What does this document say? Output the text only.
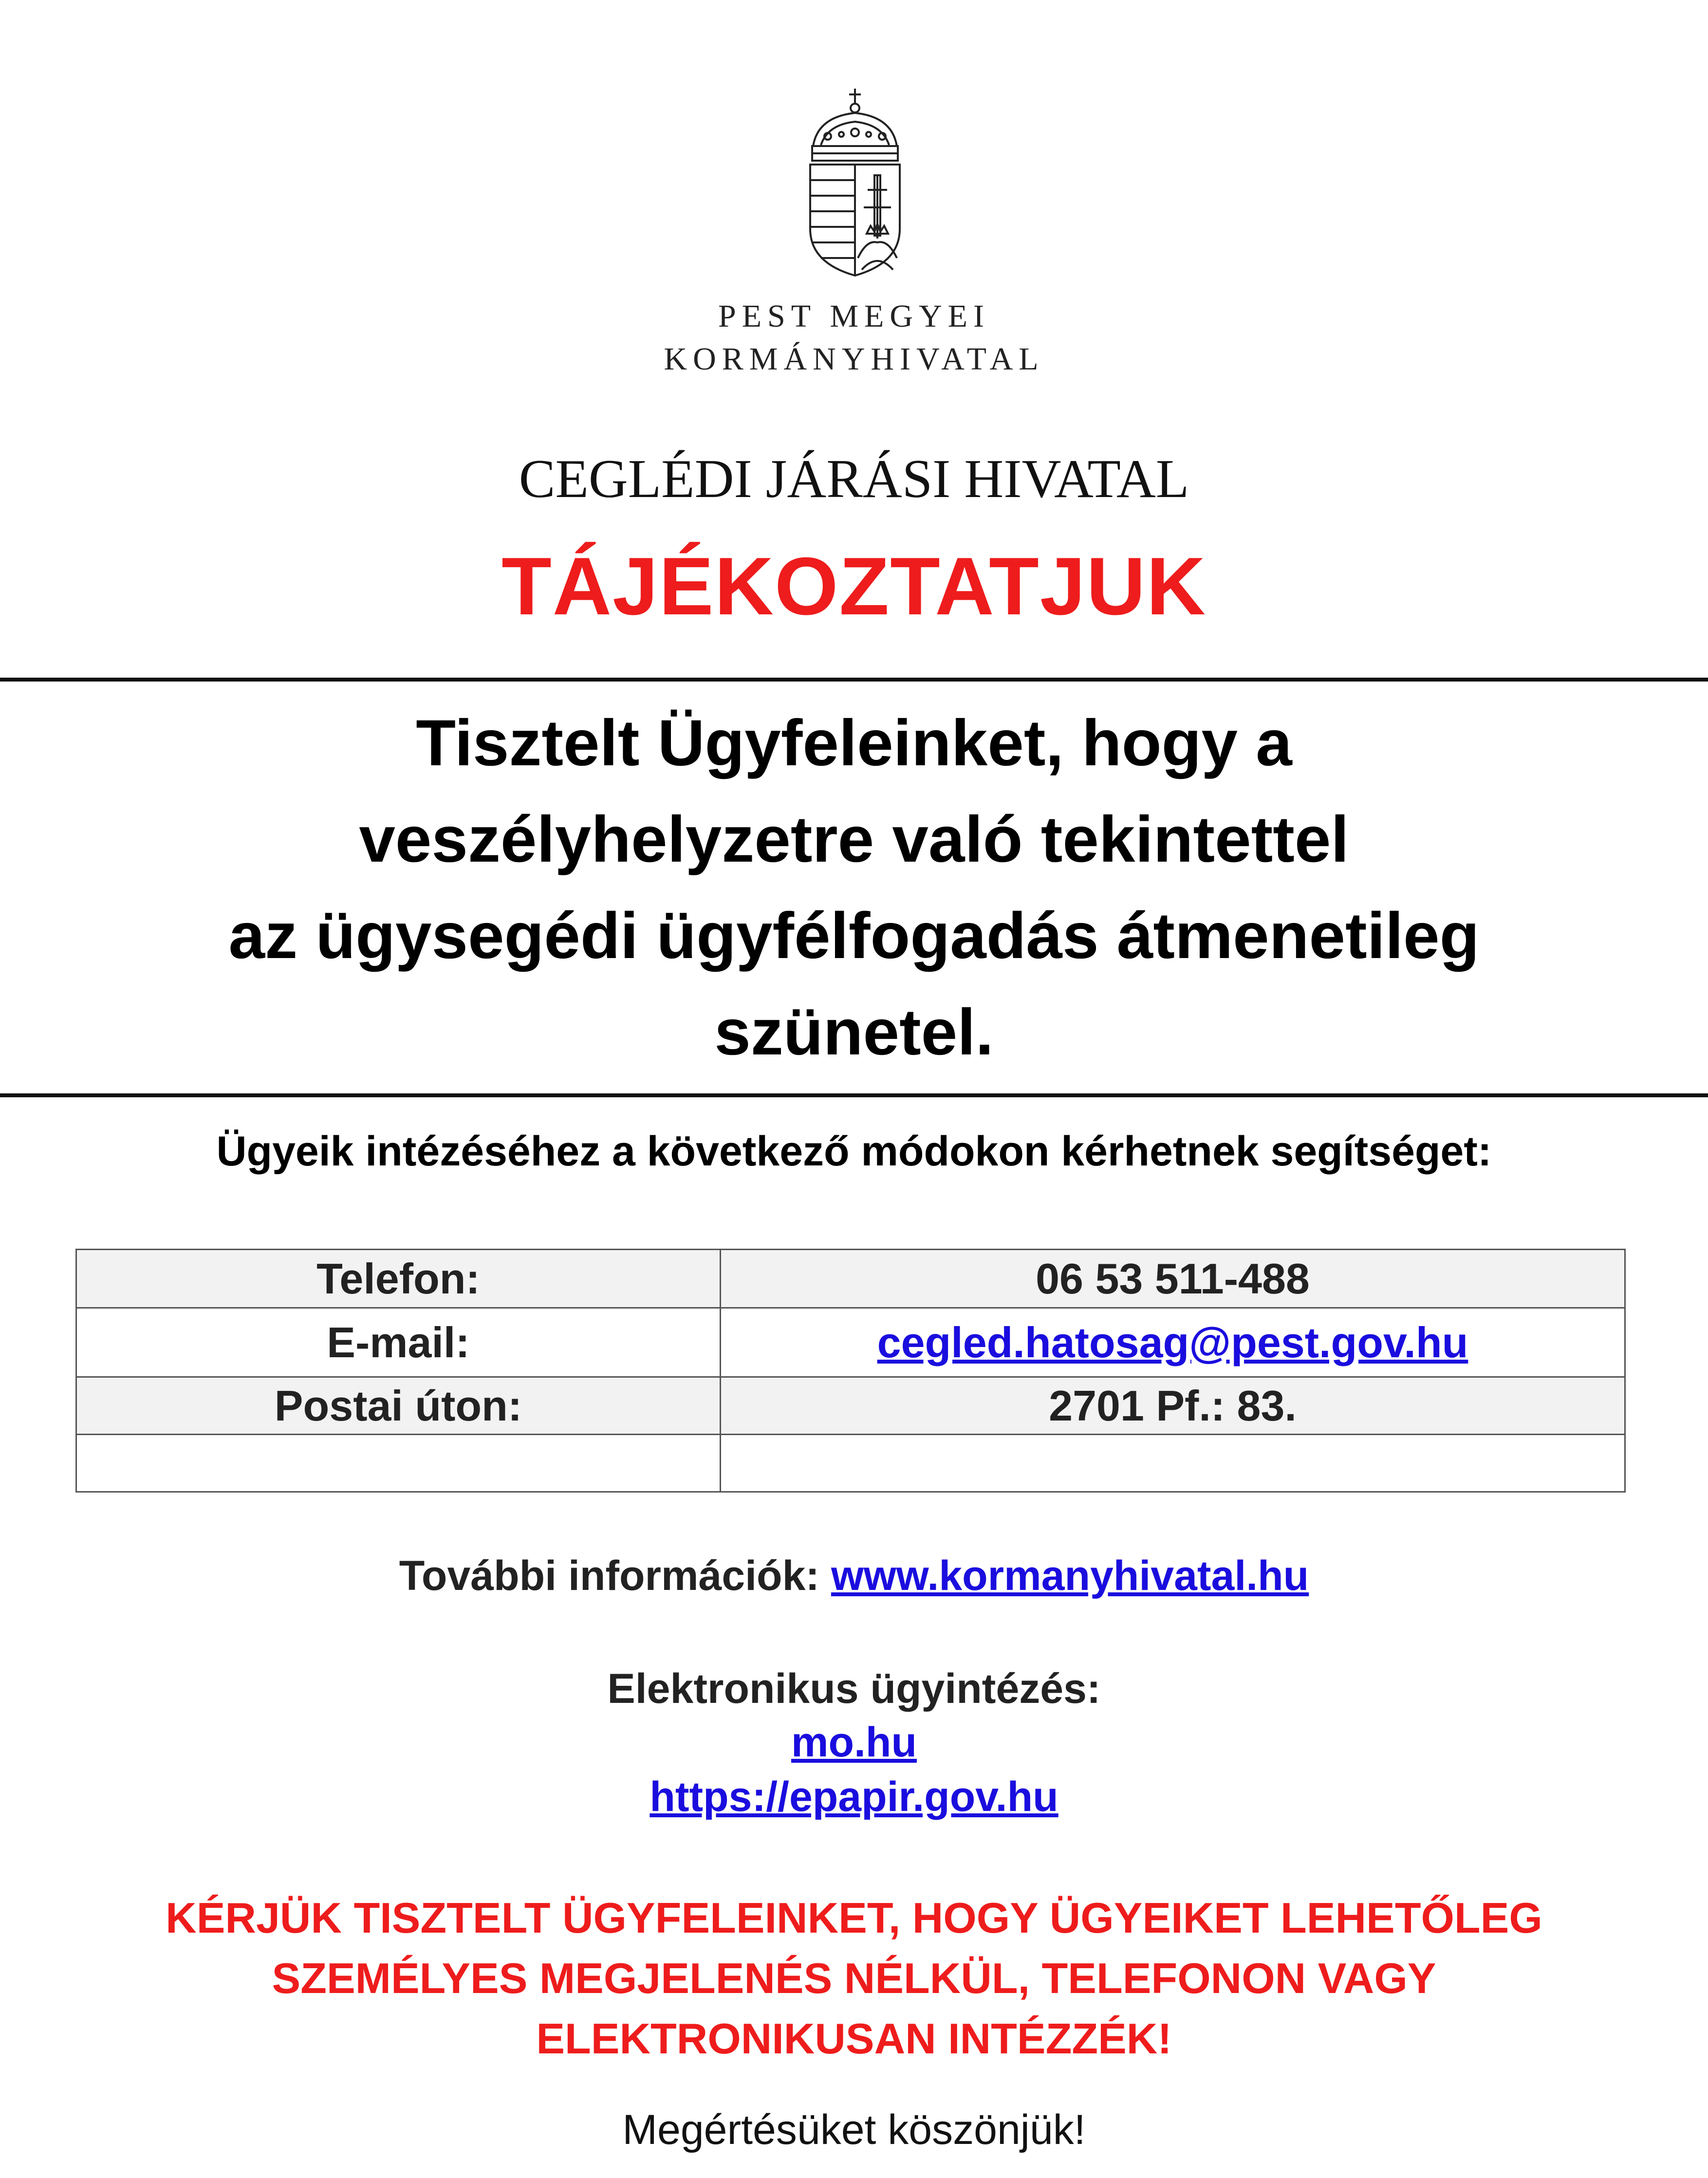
PEST MEGYEI
KORMÁNYHIVATAL
CEGLÉDI JÁRÁSI HIVATAL
TÁJÉKOZTATJUK
Tisztelt Ügyfeleinket, hogy a
veszélyhelyzetre való tekintettel
az ügysegédi ügyfélfogadás átmenetileg
szünetel.
Ügyeik intézéséhez a következő módokon kérhetnek segítséget:
Telefon:	06 53 511-488
E-mail:	cegled.hatosag@pest.gov.hu
Postai úton:	2701 Pf.: 83.

További információk: www.kormanyhivatal.hu
Elektronikus ügyintézés:
mo.hu
https://epapir.gov.hu
KÉRJÜK TISZTELT ÜGYFELEINKET, HOGY ÜGYEIKET LEHETŐLEG
SZEMÉLYES MEGJELENÉS NÉLKÜL, TELEFONON VAGY
ELEKTRONIKUSAN INTÉZZÉK!
Megértésüket köszönjük!
